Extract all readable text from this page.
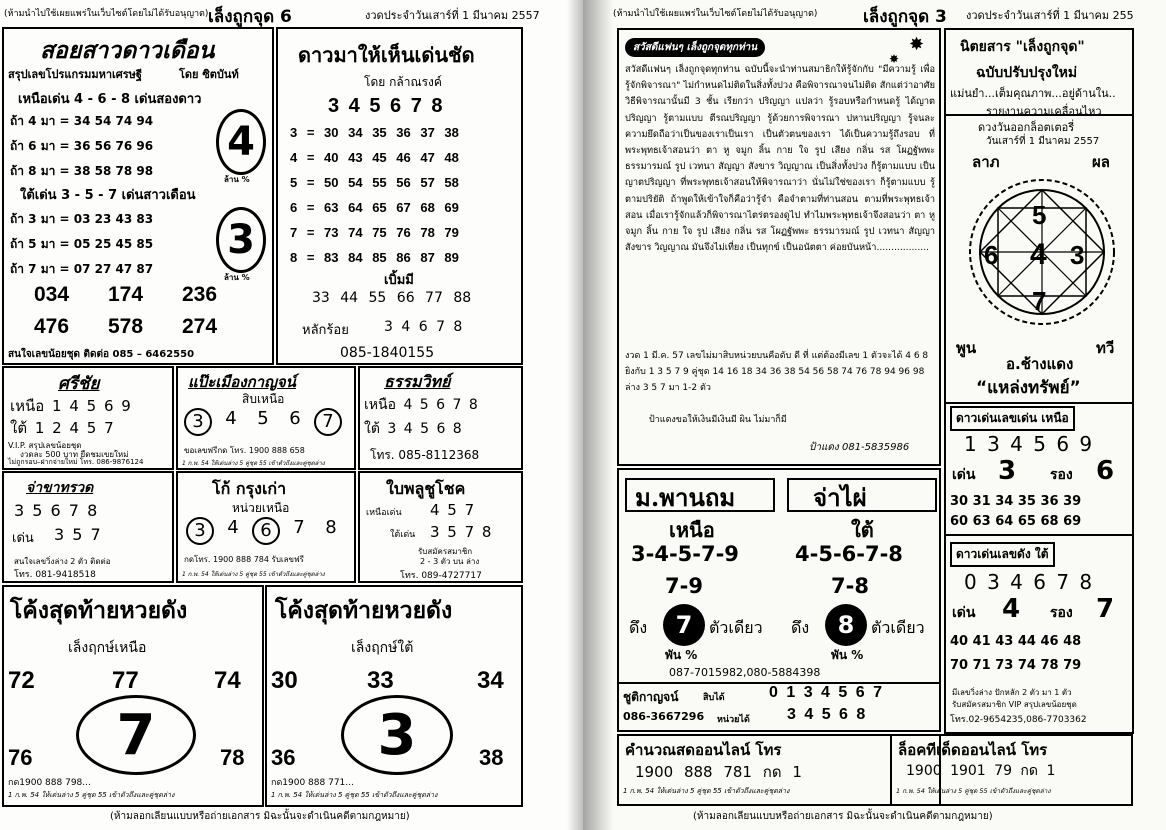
(ห้ามนำไปใช้เผยแพร่ในเว็บไซต์โดยไม่ได้รับอนุญาต) เล็งถูกจุด 6	งวดประจำวันเสาร์ที่ 1 มีนาคม 2557
สอยสาวดาวเดือน
สรุปเลขโปรแกรมมหาเศรษฐี	โดย ซิตบันท์
เหนือเด่น 4 - 6 - 8 เด่นสองดาว
ถ้า 4 มา = 34 54 74 94
ถ้า 6 มา = 36 56 76 96
ถ้า 8 มา = 38 58 78 98
4
ล้าน %
ใต้เด่น 3 - 5 - 7 เด่นสาวเดือน
ถ้า 3 มา = 03 23 43 83
ถ้า 5 มา = 05 25 45 85
ถ้า 7 มา = 07 27 47 87
3
ล้าน %
034 174 236
476 578 274
สนใจเลขน้อยชุด ติดต่อ 085 – 6462550
ดาวมาให้เห็นเด่นชัด
โดย กล้าณรงค์
3 4 5 6 7 8
3 = 30 34 35 36 37 38
4 = 40 43 45 46 47 48
5 = 50 54 55 56 57 58
6 = 63 64 65 67 68 69
7 = 73 74 75 76 78 79
8 = 83 84 85 86 87 89
เบิ้มมี
33 44 55 66 77 88
หลักร้อย	3 4 6 7 8
085-1840155
ศรีชัย
เหนือ 1 4 5 6 9
ใต้ 1 2 4 5 7
V.I.P. สรุปเลขน้อยชุด
งวดละ 500 บาท ยืดชมเขยใหม่
ไม่ถูกรอบ–ฝากจ่ายใหม่ โทร. 086-9876124
แป๊ะเมืองกาญจน์
สิบเหนือ
3	4	5	6	7
ขอเลขฟรีกด โทร. 1900 888 658
1 ก.พ. 54 ให้เด่นล่าง 5 คู่ชุด 55 เข้าตัวถึงและคู่ชุดล่าง
ธรรมวิทย์
เหนือ 4 5 6 7 8
ใต้ 3 4 5 6 8
โทร. 085-8112368
จ่าขาทรวด
3 5 6 7 8
เด่น 3 5 7
สนใจเลขวิ่งล่าง 2 ตัว ติดต่อ
โทร. 081-9418518
โก้ กรุงเก่า
หน่วยเหนือ
3	4	6	7	8
กดโทร. 1900 888 784 รับเลขฟรี
1 ก.พ. 54 ให้เด่นล่าง 5 คู่ชุด 55 เข้าตัวถึงและคู่ชุดล่าง
ใบพลูชูโชค
เหนือเด่น 4 5 7
ใต้เด่น 3 5 7 8
รับสมัครสมาชิก
2 - 3 ตัว บน ล่าง
โทร. 089-4727717
โค้งสุดท้ายหวยดัง
เล็งฤกษ์เหนือ
72	77	74
7
76	78
กด1900 888 798...
1 ก.พ. 54 ให้เด่นล่าง 5 คู่ชุด 55 เข้าตัวถึงและคู่ชุดล่าง
โค้งสุดท้ายหวยดัง
เล็งฤกษ์ใต้
30	33	34
3
36	38
กด1900 888 771...
1 ก.พ. 54 ให้เด่นล่าง 5 คู่ชุด 55 เข้าตัวถึงและคู่ชุดล่าง
(ห้ามลอกเลียนแบบหรือถ่ายเอกสาร มิฉะนั้นจะดำเนินคดีตามกฎหมาย)
(ห้ามนำไปใช้เผยแพร่ในเว็บไซต์โดยไม่ได้รับอนุญาต)	เล็งถูกจุด 3 งวดประจำวันเสาร์ที่ 1 มีนาคม 255
สวัสดีแฟนๆ เล็งถูกจุดทุกท่าน	✸
✸
สวัสดีแฟนๆ เล็งถูกจุดทุกท่าน ฉบับนี้จะนำท่านสมาธิกให้รู้จักกับ "มีความรู้ เพื่อรู้จักพิจารณา" ไม่กำหนดไม่ติดในสิ่งทั้งปวง คือพิจารณาจนไม่ติด สักแต่ว่าอาศัย วิธีพิจารณานั้นมี 3 ชั้น เรียกว่า ปริญญา แปลว่า รู้รอบหรือกำหนดรู้ ได้ญาตปริญญา รู้ตามแบบ ตีรณปริญญา รู้ด้วยการพิจารณา ปหานปริญญา รู้จนละความยึดถือว่าเป็นของเราเป็นเรา เป็นตัวตนของเรา ได้เป็นความรู้ถึงรอบ ที่พระพุทธเจ้าสอนว่า ตา หู จมูก ลิ้น กาย ใจ รูป เสียง กลิ่น รส โผฏฐัพพะ ธรรมารมณ์ รูป เวทนา สัญญา สังขาร วิญญาณ เป็นสิ่งทั้งปวง ก็รู้ตามแบบ เป็นญาตปริญญา ที่พระพุทธเจ้าสอนให้พิจารณาว่า นั่นไม่ใช่ของเรา ก็รู้ตามแบบ รู้ตามปริยัติ ถ้าพูดให้เข้าใจก็คือว่ารู้จำ คือจำตามที่ท่านสอน ตามที่พระพุทธเจ้าสอน เมื่อเรารู้จักแล้วก็พิจารณาไตร่ตรองดูไป ทำไมพระพุทธเจ้าจึงสอนว่า ตา หู จมูก ลิ้น กาย ใจ รูป เสียง กลิ่น รส โผฏฐัพพะ ธรรมารมณ์ รูป เวทนา สัญญา สังขาร วิญญาณ มันจึงไม่เที่ยง เป็นทุกข์ เป็นอนัตตา ค่อยบันหน้า..................
งวด 1 มี.ค. 57 เลขไม่มาสิบหน่วยบนคือดับ ดี ที่ แต่ต้องมีเลข 1 ตัวจะได้ 4 6 8 ยิงกับ 1 3 5 7 9 คู่ชุด 14 16 18 34 36 38 54 56 58 74 76 78 94 96 98 ล่าง 3 5 7 มา 1-2 ตัว
ป้าแดงขอให้เงินมีเงินมี ผิน ไม่มาก็มี
ป้าแดง 081-5835986
นิตยสาร "เล็งถูกจุด"
ฉบับปรับปรุงใหม่
แม่นยำ...เต็มคุณภาพ...อยู่ด้านใน..
รายงานความเคลื่อนไหว
ดวงวันออกล็อตเตอรี่
วันเสาร์ที่ 1 มีนาคม 2557
ลาภ	ผล
5
6 4 3
7
พูน	ทวี
อ.ช้างแดง
“แหล่งทรัพย์”
ดาวเด่นเลขเด่น เหนือ
1 3 4 5 6 9
เด่น 3 รอง 6
30 31 34 35 36 39
60 63 64 65 68 69
ดาวเด่นเลขดัง ใต้
0 3 4 6 7 8
เด่น 4 รอง 7
40 41 43 44 46 48
70 71 73 74 78 79
มีเลขวิ่งล่าง ปักหลัก 2 ตัว มา 1 ตัว
รับสมัครสมาชิก VIP สรุปเลขน้อยชุด
โทร.02-9654235,086-7703362
ม.พานถม
เหนือ
3-4-5-7-9
7-9
ดึง	7	ตัวเดียว
พัน %
จ่าไผ่
ใต้
4-5-6-7-8
7-8
ดึง	8	ตัวเดียว
พัน %
087-7015982,080-5884398
ชูติกาญจน์	สิบได้	0 1 3 4 5 6 7
086-3667296 หน่วยได้ 3 4 5 6 8
คำนวณสดออนไลน์ โทร
1900 888 781 กด 1
1 ก.พ. 54 ให้เด่นล่าง 5 คู่ชุด 55 เข้าตัวถึงและคู่ชุดล่าง
ล็อคทีเด็ดออนไลน์ โทร
1900 1901 79 กด 1
1 ก.พ. 54 ให้เด่นล่าง 5 คู่ชุด 55 เข้าตัวถึงและคู่ชุดล่าง
(ห้ามลอกเลียนแบบหรือถ่ายเอกสาร มิฉะนั้นจะดำเนินคดีตามกฎหมาย)
